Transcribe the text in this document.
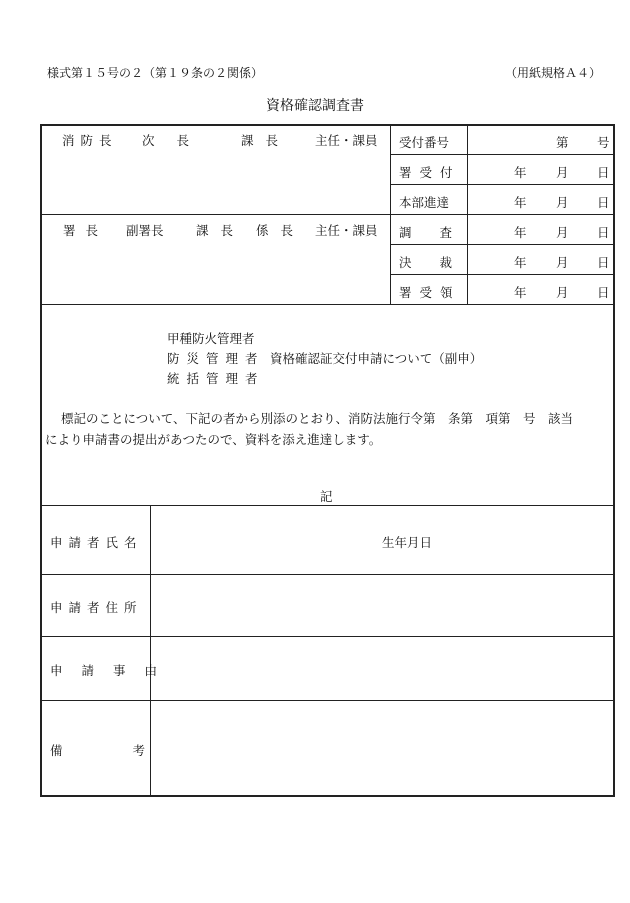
様式第１５号の２（第１９条の２関係）	（用紙規格Ａ４）
資格確認調査書
消防長 次長 課長 主任・課員
署長 副署長	課長 係長 主任・課員
受付番号	第 号
署受付	年 月 日
本部進達	年 月 日
調査	年 月 日
決裁	年 月 日
署受領	年 月 日
甲種防火管理者
防災管理者 資格確認証交付申請について（副申）
統括管理者
標記のことについて、下記の者から別添のとおり、消防法施行令第　条第　項第　号　該当
により申請書の提出があつたので、資料を添え進達します。
記
申請者氏名	生年月日
申請者住所
申請事由
備考
